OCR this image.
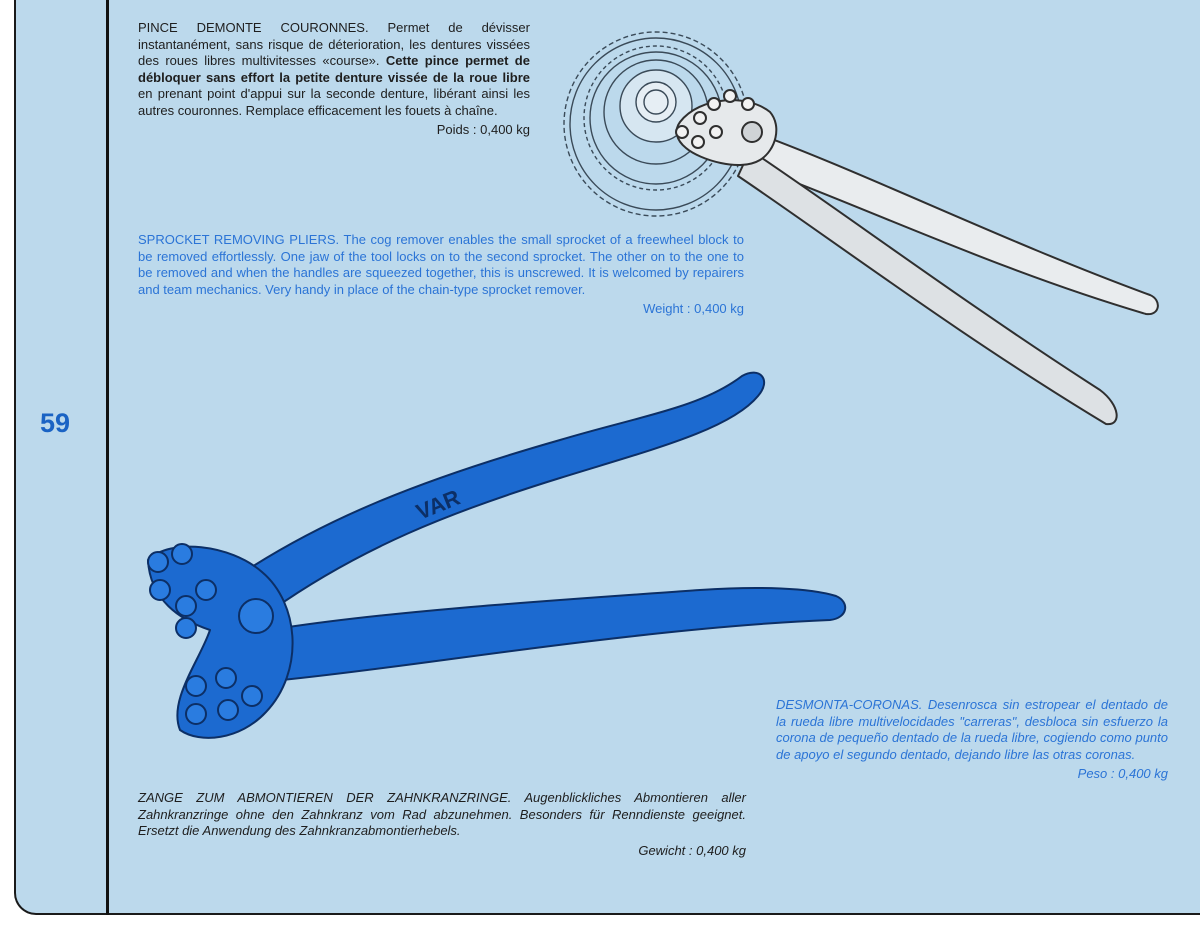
59
VAR

PINCE DEMONTE COURONNES. Permet de dévisser instantanément, sans risque de déterioration, les dentures vissées des roues libres multivitesses «course». Cette pince permet de débloquer sans effort la petite denture vissée de la roue libre en prenant point d'appui sur la seconde denture, libérant ainsi les autres couronnes. Remplace efficacement les fouets à chaîne.
Poids : 0,400 kg

SPROCKET REMOVING PLIERS. The cog remover enables the small sprocket of a freewheel block to be removed effortlessly. One jaw of the tool locks on to the second sprocket. The other on to the one to be removed and when the handles are squeezed together, this is unscrewed. It is welcomed by repairers and team mechanics. Very handy in place of the chain-type sprocket remover.
Weight : 0,400 kg

DESMONTA-CORONAS. Desenrosca sin estropear el dentado de la rueda libre multivelocidades "carreras", desbloca sin esfuerzo la corona de pequeño dentado de la rueda libre, cogiendo como punto de apoyo el segundo dentado, dejando libre las otras coronas.
Peso : 0,400 kg

ZANGE ZUM ABMONTIEREN DER ZAHNKRANZRINGE. Augenblickliches Abmontieren aller Zahnkranzringe ohne den Zahnkranz vom Rad abzunehmen. Besonders für Renndienste geeignet. Ersetzt die Anwendung des Zahnkranzabmontierhebels.
Gewicht : 0,400 kg
